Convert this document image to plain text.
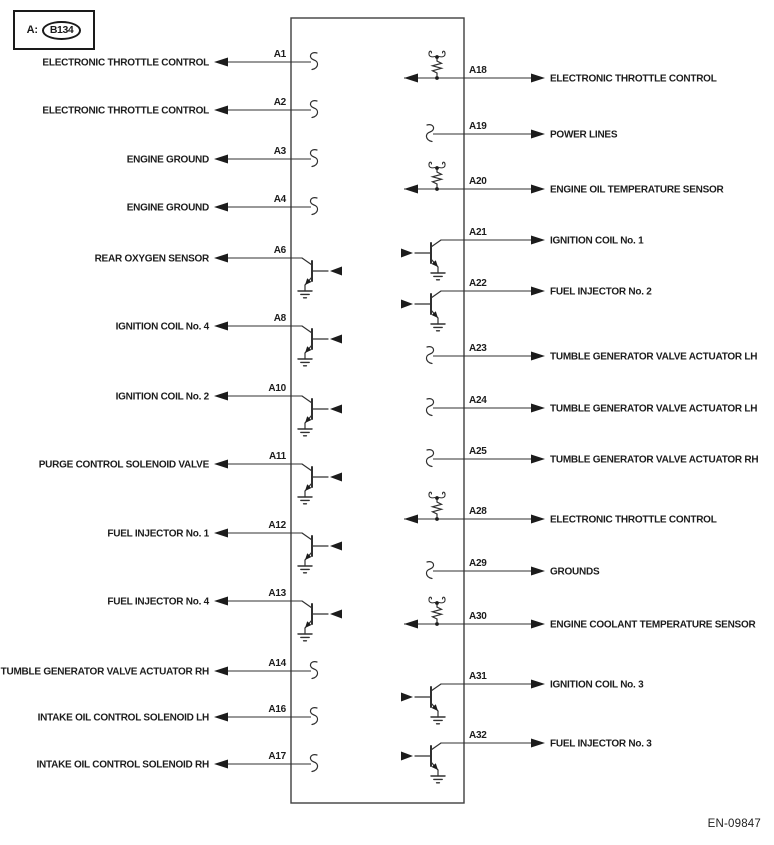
A:	B134
A1
ELECTRONIC THROTTLE CONTROL
A2
ELECTRONIC THROTTLE CONTROL
A3
ENGINE GROUND
A4
ENGINE GROUND
A6
REAR OXYGEN SENSOR
A8
IGNITION COIL No. 4
A10
IGNITION COIL No. 2
A11
PURGE CONTROL SOLENOID VALVE
A12
FUEL INJECTOR No. 1
A13
FUEL INJECTOR No. 4
A14
TUMBLE GENERATOR VALVE ACTUATOR RH
A16
INTAKE OIL CONTROL SOLENOID LH
A17
INTAKE OIL CONTROL SOLENOID RH
A18
ELECTRONIC THROTTLE CONTROL
A19
POWER LINES
A20
ENGINE OIL TEMPERATURE SENSOR
A21
IGNITION COIL No. 1
A22
FUEL INJECTOR No. 2
A23
TUMBLE GENERATOR VALVE ACTUATOR LH
A24
TUMBLE GENERATOR VALVE ACTUATOR LH
A25
TUMBLE GENERATOR VALVE ACTUATOR RH
A28
ELECTRONIC THROTTLE CONTROL
A29
GROUNDS
A30
ENGINE COOLANT TEMPERATURE SENSOR
A31
IGNITION COIL No. 3
A32
FUEL INJECTOR No. 3
EN-09847
